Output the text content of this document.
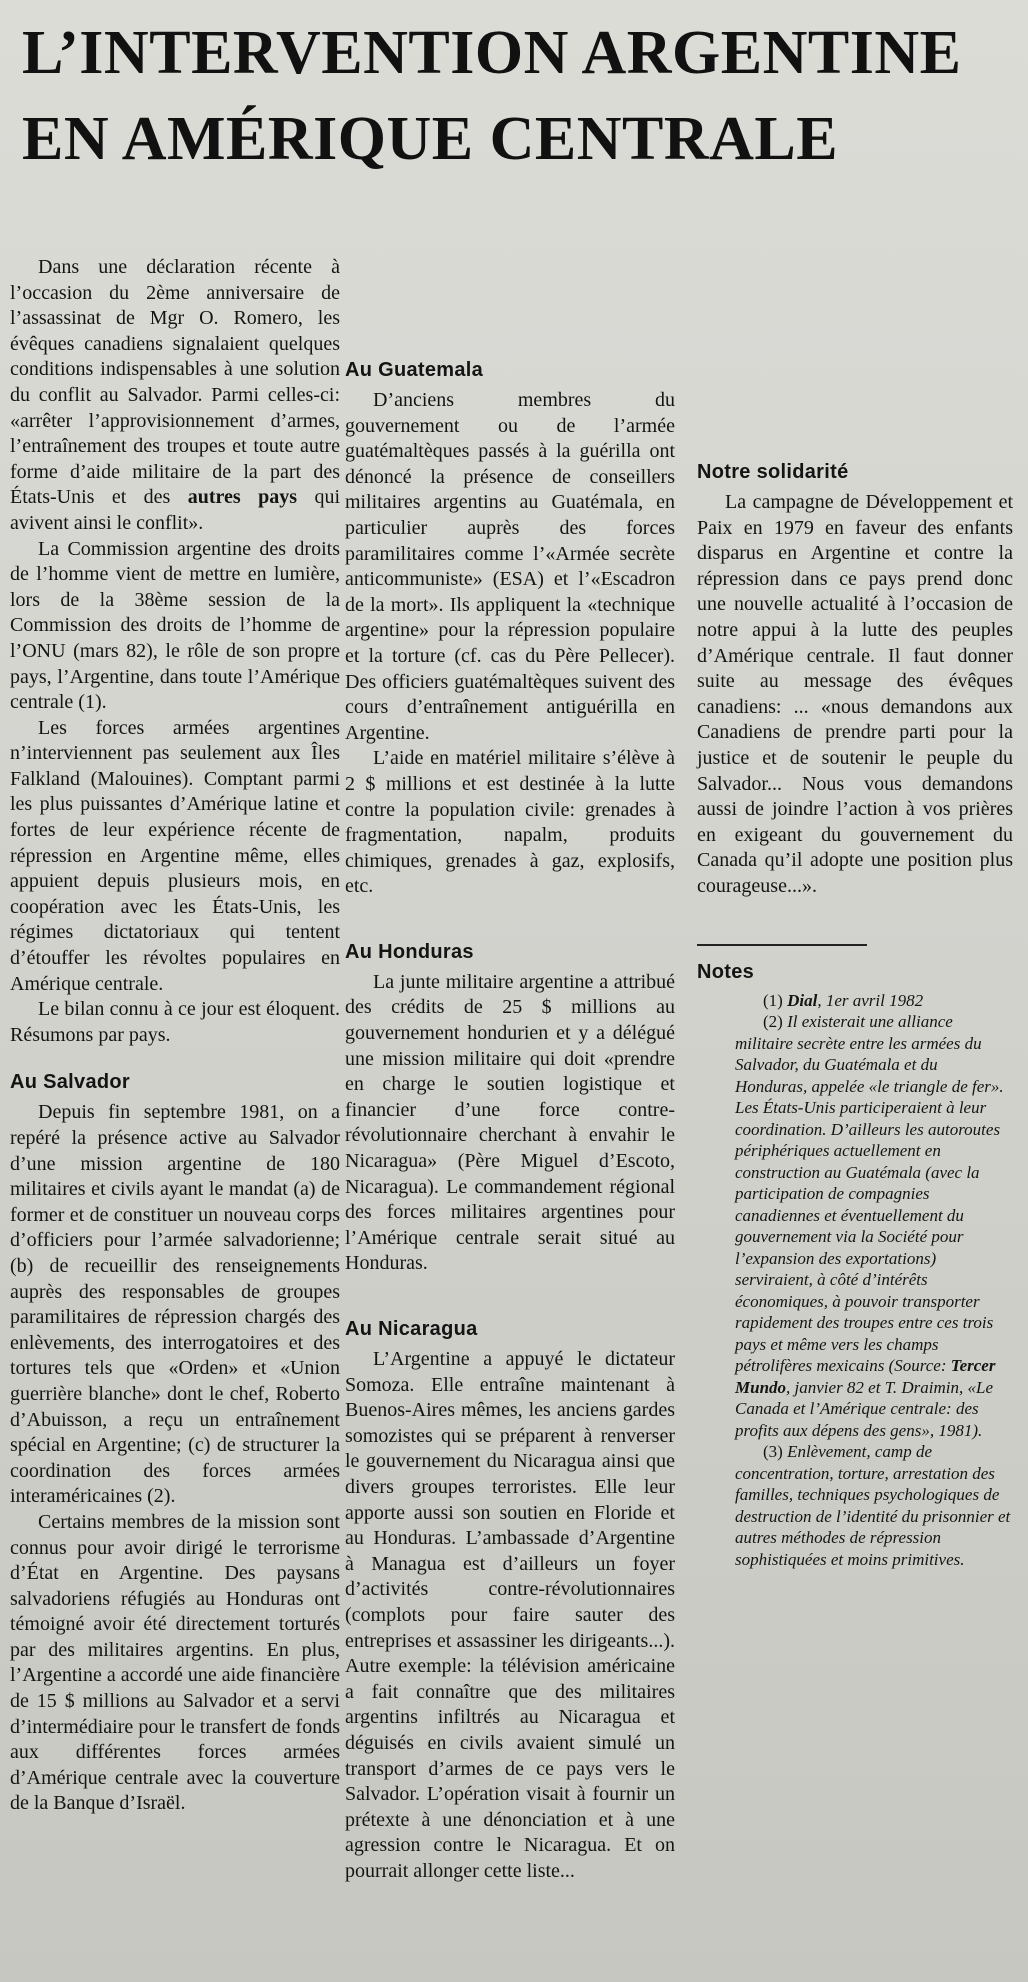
L’INTERVENTION ARGENTINE
EN AMÉRIQUE CENTRALE

Dans une déclaration récente à l’occasion du 2ème anniversaire de l’assassinat de Mgr O. Romero, les évêques canadiens signalaient quelques conditions indispensables à une solution du conflit au Salvador. Parmi celles-ci: «arrêter l’approvisionnement d’armes, l’entraînement des troupes et toute autre forme d’aide militaire de la part des États-Unis et des autres pays qui avivent ainsi le conflit».

La Commission argentine des droits de l’homme vient de mettre en lumière, lors de la 38ème session de la Commission des droits de l’homme de l’ONU (mars 82), le rôle de son propre pays, l’Argentine, dans toute l’Amérique centrale (1).

Les forces armées argentines n’interviennent pas seulement aux Îles Falkland (Malouines). Comptant parmi les plus puissantes d’Amérique latine et fortes de leur expérience récente de répression en Argentine même, elles appuient depuis plusieurs mois, en coopération avec les États-Unis, les régimes dictatoriaux qui tentent d’étouffer les révoltes populaires en Amérique centrale.

Le bilan connu à ce jour est éloquent. Résumons par pays.

Au Salvador

Depuis fin septembre 1981, on a repéré la présence active au Salvador d’une mission argentine de 180 militaires et civils ayant le mandat (a) de former et de constituer un nouveau corps d’officiers pour l’armée salvadorienne; (b) de recueillir des renseignements auprès des responsables de groupes paramilitaires de répression chargés des enlèvements, des interrogatoires et des tortures tels que «Orden» et «Union guerrière blanche» dont le chef, Roberto d’Abuisson, a reçu un entraînement spécial en Argentine; (c) de structurer la coordination des forces armées interaméricaines (2).

Certains membres de la mission sont connus pour avoir dirigé le terrorisme d’État en Argentine. Des paysans salvadoriens réfugiés au Honduras ont témoigné avoir été directement torturés par des militaires argentins. En plus, l’Argentine a accordé une aide financière de 15 $ millions au Salvador et a servi d’intermédiaire pour le transfert de fonds aux différentes forces armées d’Amérique centrale avec la couverture de la Banque d’Israël.

Au Guatemala

D’anciens membres du gouvernement ou de l’armée guatémaltèques passés à la guérilla ont dénoncé la présence de conseillers militaires argentins au Guatémala, en particulier auprès des forces paramilitaires comme l’«Armée secrète anticommuniste» (ESA) et l’«Escadron de la mort». Ils appliquent la «technique argentine» pour la répression populaire et la torture (cf. cas du Père Pellecer). Des officiers guatémaltèques suivent des cours d’entraînement antiguérilla en Argentine.

L’aide en matériel militaire s’élève à 2 $ millions et est destinée à la lutte contre la population civile: grenades à fragmentation, napalm, produits chimiques, grenades à gaz, explosifs, etc.

Au Honduras

La junte militaire argentine a attribué des crédits de 25 $ millions au gouvernement hondurien et y a délégué une mission militaire qui doit «prendre en charge le soutien logistique et financier d’une force contre-révolutionnaire cherchant à envahir le Nicaragua» (Père Miguel d’Escoto, Nicaragua). Le commandement régional des forces militaires argentines pour l’Amérique centrale serait situé au Honduras.

Au Nicaragua

L’Argentine a appuyé le dictateur Somoza. Elle entraîne maintenant à Buenos-Aires mêmes, les anciens gardes somozistes qui se préparent à renverser le gouvernement du Nicaragua ainsi que divers groupes terroristes. Elle leur apporte aussi son soutien en Floride et au Honduras. L’ambassade d’Argentine à Managua est d’ailleurs un foyer d’activités contre-révolutionnaires (complots pour faire sauter des entreprises et assassiner les dirigeants...). Autre exemple: la télévision américaine a fait connaître que des militaires argentins infiltrés au Nicaragua et déguisés en civils avaient simulé un transport d’armes de ce pays vers le Salvador. L’opération visait à fournir un prétexte à une dénonciation et à une agression contre le Nicaragua. Et on pourrait allonger cette liste...

Notre solidarité

La campagne de Développement et Paix en 1979 en faveur des enfants disparus en Argentine et contre la répression dans ce pays prend donc une nouvelle actualité à l’occasion de notre appui à la lutte des peuples d’Amérique centrale. Il faut donner suite au message des évêques canadiens: ... «nous demandons aux Canadiens de prendre parti pour la justice et de soutenir le peuple du Salvador... Nous vous demandons aussi de joindre l’action à vos prières en exigeant du gouvernement du Canada qu’il adopte une position plus courageuse...».

Notes

(1) Dial, 1er avril 1982

(2) Il existerait une alliance militaire secrète entre les armées du Salvador, du Guatémala et du Honduras, appelée «le triangle de fer». Les États-Unis participeraient à leur coordination. D’ailleurs les autoroutes périphériques actuellement en construction au Guatémala (avec la participation de compagnies canadiennes et éventuellement du gouvernement via la Société pour l’expansion des exportations) serviraient, à côté d’intérêts économiques, à pouvoir transporter rapidement des troupes entre ces trois pays et même vers les champs pétrolifères mexicains (Source: Tercer Mundo, janvier 82 et T. Draimin, «Le Canada et l’Amérique centrale: des profits aux dépens des gens», 1981).

(3) Enlèvement, camp de concentration, torture, arrestation des familles, techniques psychologiques de destruction de l’identité du prisonnier et autres méthodes de répression sophistiquées et moins primitives.
